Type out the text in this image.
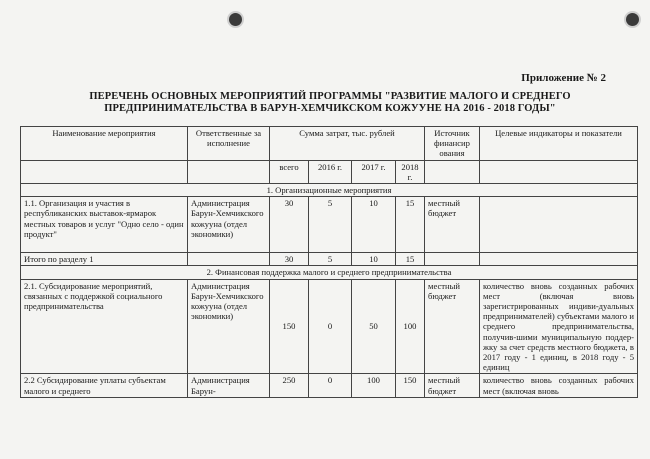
Приложение № 2
ПЕРЕЧЕНЬ ОСНОВНЫХ МЕРОПРИЯТИЙ ПРОГРАММЫ "РАЗВИТИЕ МАЛОГО И СРЕДНЕГО
ПРЕДПРИНИМАТЕЛЬСТВА В БАРУН-ХЕМЧИКСКОМ КОЖУУНЕ НА 2016 - 2018 ГОДЫ"
Наименование мероприятия	Ответственные за исполнение	Сумма затрат, тыс. рублей				Источник финансир ования	Целевые индикаторы и показатели
		всего	2016 г.	2017 г.	2018 г.		
1. Организационные мероприятия							
1.1. Организация и участия в республиканских выставок-ярмарок местных товаров и услуг "Одно село - один продукт"	Администрация Барун-Хемчикского кожууна (отдел экономики)	30	5	10	15	местный бюджет	
Итого по разделу 1		30	5	10	15		
2. Финансовая поддержка малого и среднего предпринимательства							
2.1. Субсидирование мероприятий, связанных с поддержкой социального предпринимательства	Администрация Барун-Хемчикского кожууна (отдел экономики)	150	0	50	100	местный бюджет	количество вновь созданных рабочих мест (включая вновь зарегистрированных индиви-дуальных предпринимателей) субъектами малого и среднего предпринимательства, получив-шими муниципальную поддер-жку за счет средств местного бюджета, в 2017 году - 1 единиц, в 2018 году - 5 единиц
2.2 Субсидирование уплаты субъектам малого и среднего	Администрация Барун-	250	0	100	150	местный бюджет	количество вновь созданных рабочих мест (включая вновь
